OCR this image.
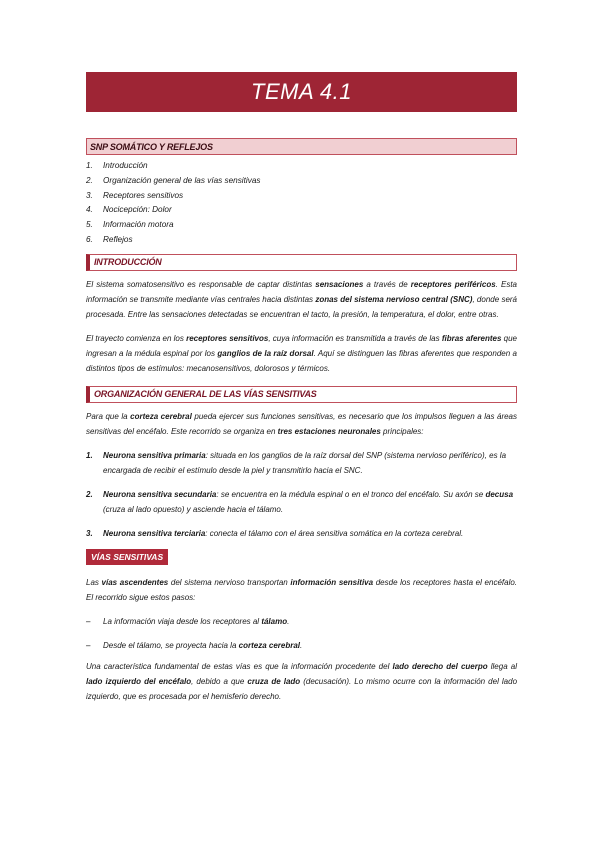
TEMA 4.1
SNP SOMÁTICO Y REFLEJOS
1.	Introducción
2.	Organización general de las vías sensitivas
3.	Receptores sensitivos
4.	Nocicepción: Dolor
5.	Información motora
6.	Reflejos
INTRODUCCIÓN

El sistema somatosensitivo es responsable de captar distintas sensaciones a través de receptores periféricos. Esta información se transmite mediante vías centrales hacia distintas zonas del sistema nervioso central (SNC), donde será procesada. Entre las sensaciones detectadas se encuentran el tacto, la presión, la temperatura, el dolor, entre otras.

El trayecto comienza en los receptores sensitivos, cuya información es transmitida a través de las fibras aferentes que ingresan a la médula espinal por los ganglios de la raíz dorsal. Aquí se distinguen las fibras aferentes que responden a distintos tipos de estímulos: mecanosensitivos, dolorosos y térmicos.

ORGANIZACIÓN GENERAL DE LAS VÍAS SENSITIVAS

Para que la corteza cerebral pueda ejercer sus funciones sensitivas, es necesario que los impulsos lleguen a las áreas sensitivas del encéfalo. Este recorrido se organiza en tres estaciones neuronales principales:

1.	Neurona sensitiva primaria: situada en los ganglios de la raíz dorsal del SNP (sistema nervioso periférico), es la encargada de recibir el estímulo desde la piel y transmitirlo hacia el SNC.
2.	Neurona sensitiva secundaria: se encuentra en la médula espinal o en el tronco del encéfalo. Su axón se decusa (cruza al lado opuesto) y asciende hacia el tálamo.
3.	Neurona sensitiva terciaria: conecta el tálamo con el área sensitiva somática en la corteza cerebral.
VÍAS SENSITIVAS

Las vías ascendentes del sistema nervioso transportan información sensitiva desde los receptores hasta el encéfalo. El recorrido sigue estos pasos:

–	La información viaja desde los receptores al tálamo.
–	Desde el tálamo, se proyecta hacia la corteza cerebral.

Una característica fundamental de estas vías es que la información procedente del lado derecho del cuerpo llega al lado izquierdo del encéfalo, debido a que cruza de lado (decusación). Lo mismo ocurre con la información del lado izquierdo, que es procesada por el hemisferio derecho.
